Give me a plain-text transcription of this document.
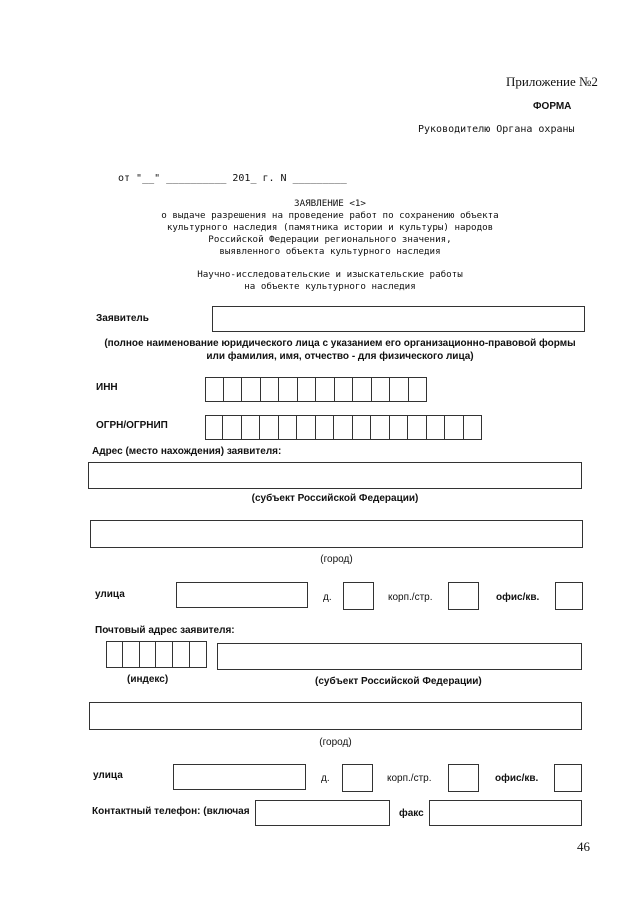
Приложение №2
ФОРМА
Руководителю Органа охраны
от "__" __________ 201_ г. N _________
ЗАЯВЛЕНИЕ <1>
о выдаче разрешения на проведение работ по сохранению объекта
культурного наследия (памятника истории и культуры) народов
Российской Федерации регионального значения,
выявленного объекта культурного наследия
Научно-исследовательские и изыскательские работы
на объекте культурного наследия
Заявитель
(полное наименование юридического лица с указанием его организационно-правовой формы
или фамилия, имя, отчество - для физического лица)
ИНН
ОГРН/ОГРНИП
Адрес (место нахождения) заявителя:
(субъект Российской Федерации)
(город)
улица	д.	корп./стр.	офис/кв.
Почтовый адрес заявителя:
(индекс)	(субъект Российской Федерации)
(город)
улица	д.	корп./стр.	офис/кв.
Контактный телефон: (включая	факс
46
